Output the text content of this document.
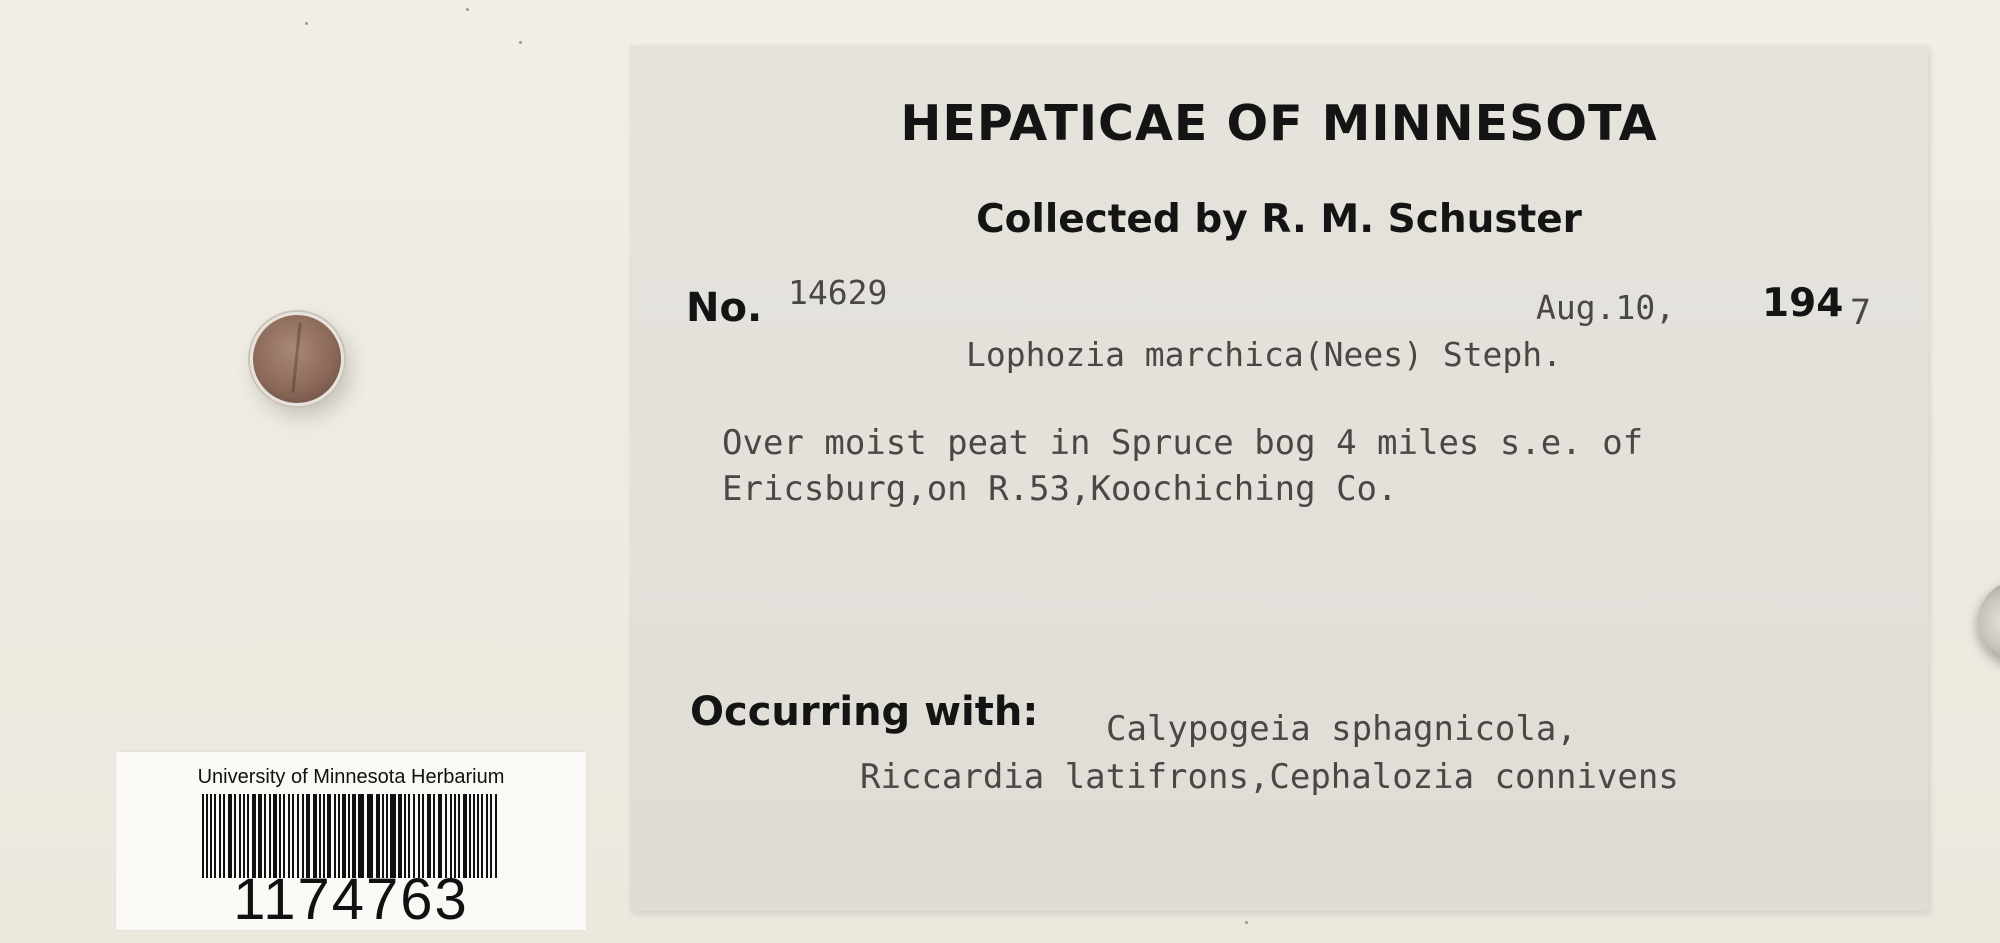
University of Minnesota Herbarium
1174763
HEPATICAE OF MINNESOTA
Collected by R. M. Schuster
No. 14629	Aug.10, 194 7
Lophozia marchica(Nees) Steph.
Over moist peat in Spruce bog 4 miles s.e. of
Ericsburg,on R.53,Koochiching Co.
Occurring with: Calypogeia sphagnicola,
Riccardia latifrons,Cephalozia connivens
